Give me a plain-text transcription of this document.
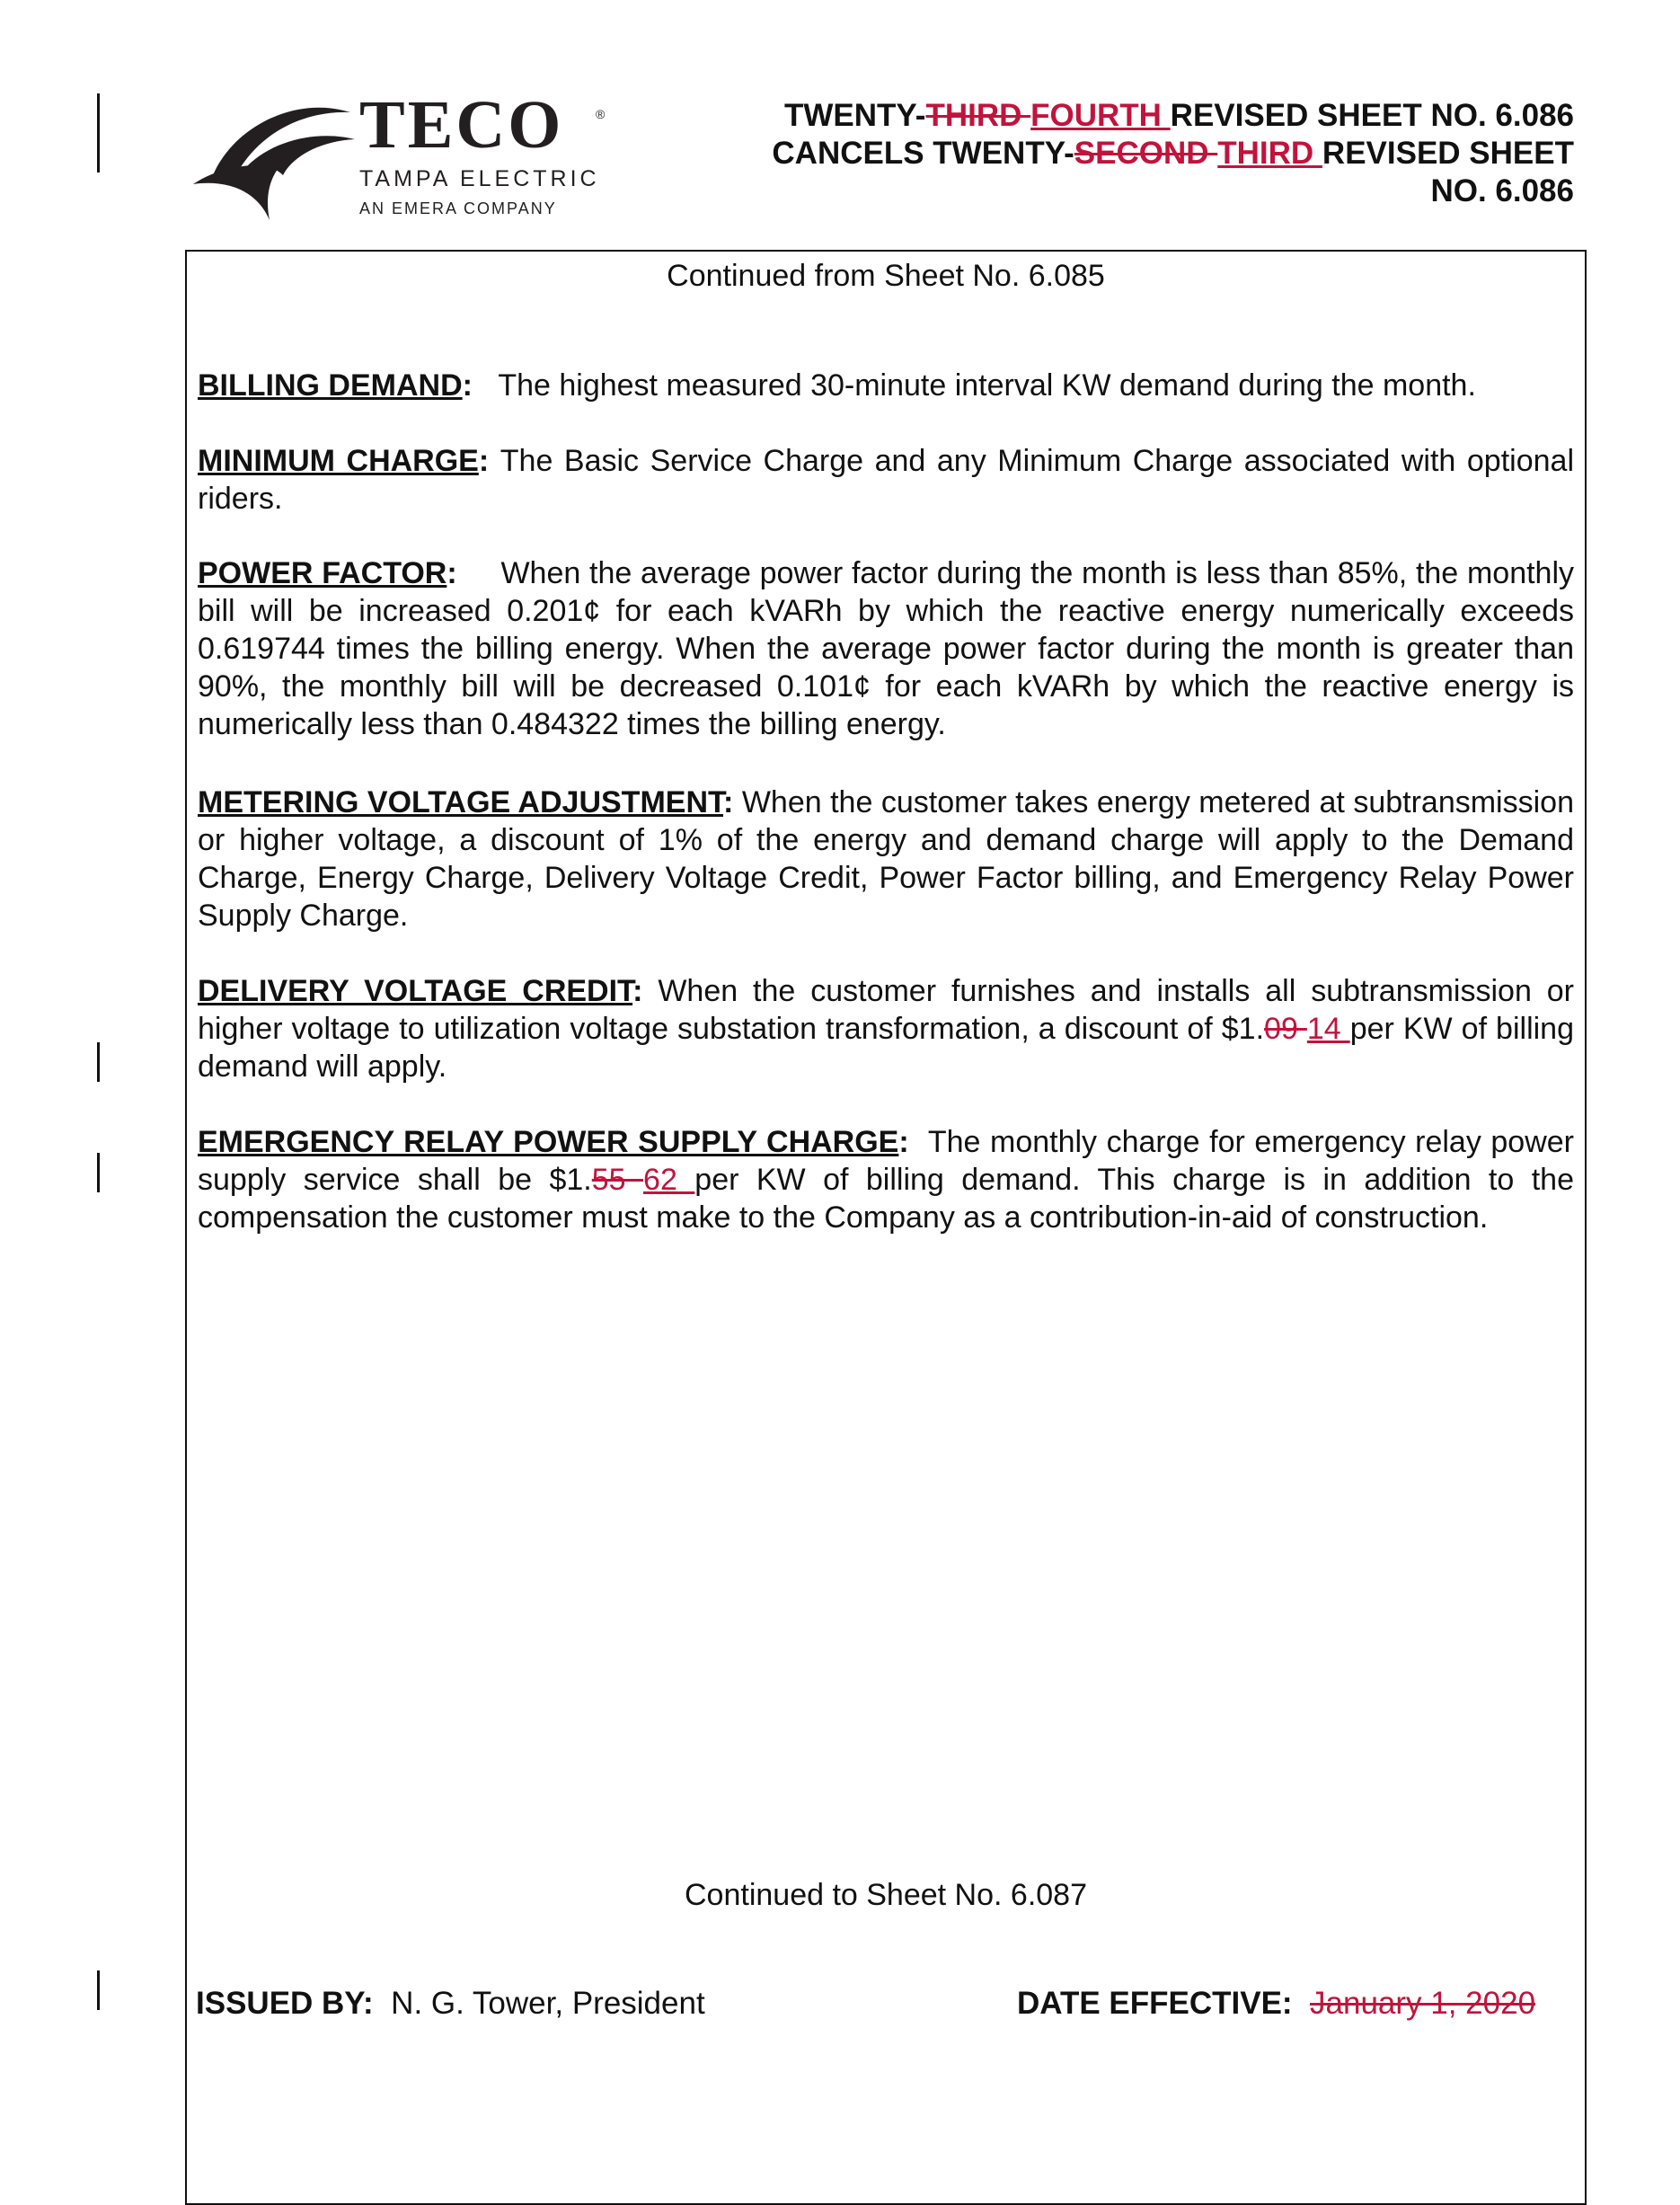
TECO	®
TAMPA ELECTRIC
AN EMERA COMPANY
TWENTY-THIRD FOURTH REVISED SHEET NO. 6.086
CANCELS TWENTY-SECOND THIRD REVISED SHEET
NO. 6.086
Continued from Sheet No. 6.085
BILLING DEMAND: The highest measured 30-minute interval KW demand during the month.
MINIMUM CHARGE: The Basic Service Charge and any Minimum Charge associated with optional riders.
POWER FACTOR: When the average power factor during the month is less than 85%, the monthly bill will be increased 0.201¢ for each kVARh by which the reactive energy numerically exceeds 0.619744 times the billing energy. When the average power factor during the month is greater than 90%, the monthly bill will be decreased 0.101¢ for each kVARh by which the reactive energy is numerically less than 0.484322 times the billing energy.
METERING VOLTAGE ADJUSTMENT: When the customer takes energy metered at subtransmission or higher voltage, a discount of 1% of the energy and demand charge will apply to the Demand Charge, Energy Charge, Delivery Voltage Credit, Power Factor billing, and Emergency Relay Power Supply Charge.
DELIVERY VOLTAGE CREDIT: When the customer furnishes and installs all subtransmission or higher voltage to utilization voltage substation transformation, a discount of $1.09 14 per KW of billing demand will apply.
EMERGENCY RELAY POWER SUPPLY CHARGE: The monthly charge for emergency relay power supply service shall be $1.55 62 per KW of billing demand. This charge is in addition to the compensation the customer must make to the Company as a contribution-in-aid of construction.
Continued to Sheet No. 6.087
ISSUED BY: N. G. Tower, President	DATE EFFECTIVE: January 1, 2020
